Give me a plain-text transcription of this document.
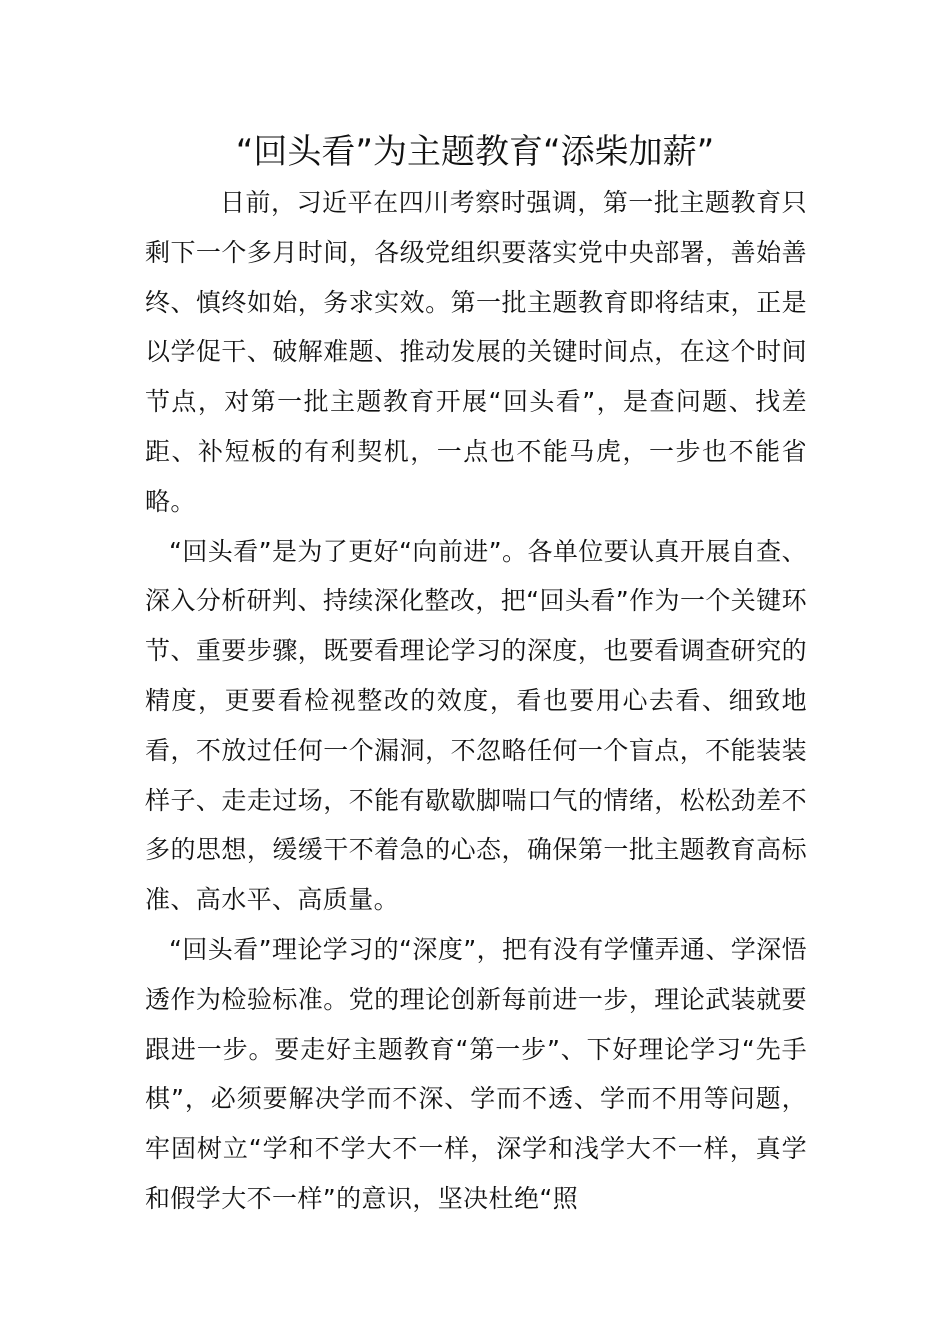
“回头看”为主题教育“添柴加薪”

日前，习近平在四川考察时强调，第一批主题教育只剩下一个多月时间，各级党组织要落实党中央部署，善始善终、慎终如始，务求实效。第一批主题教育即将结束，正是以学促干、破解难题、推动发展的关键时间点，在这个时间节点，对第一批主题教育开展“回头看”，是查问题、找差距、补短板的有利契机，一点也不能马虎，一步也不能省略。

“回头看”是为了更好“向前进”。各单位要认真开展自查、深入分析研判、持续深化整改，把“回头看”作为一个关键环节、重要步骤，既要看理论学习的深度，也要看调查研究的精度，更要看检视整改的效度，看也要用心去看、细致地看，不放过任何一个漏洞，不忽略任何一个盲点，不能装装样子、走走过场，不能有歇歇脚喘口气的情绪，松松劲差不多的思想，缓缓干不着急的心态，确保第一批主题教育高标准、高水平、高质量。

“回头看”理论学习的“深度”，把有没有学懂弄通、学深悟透作为检验标准。党的理论创新每前进一步，理论武装就要跟进一步。要走好主题教育“第一步”、下好理论学习“先手棋”，必须要解决学而不深、学而不透、学而不用等问题，牢固树立“学和不学大不一样，深学和浅学大不一样，真学和假学大不一样”的意识，坚决杜绝“照
